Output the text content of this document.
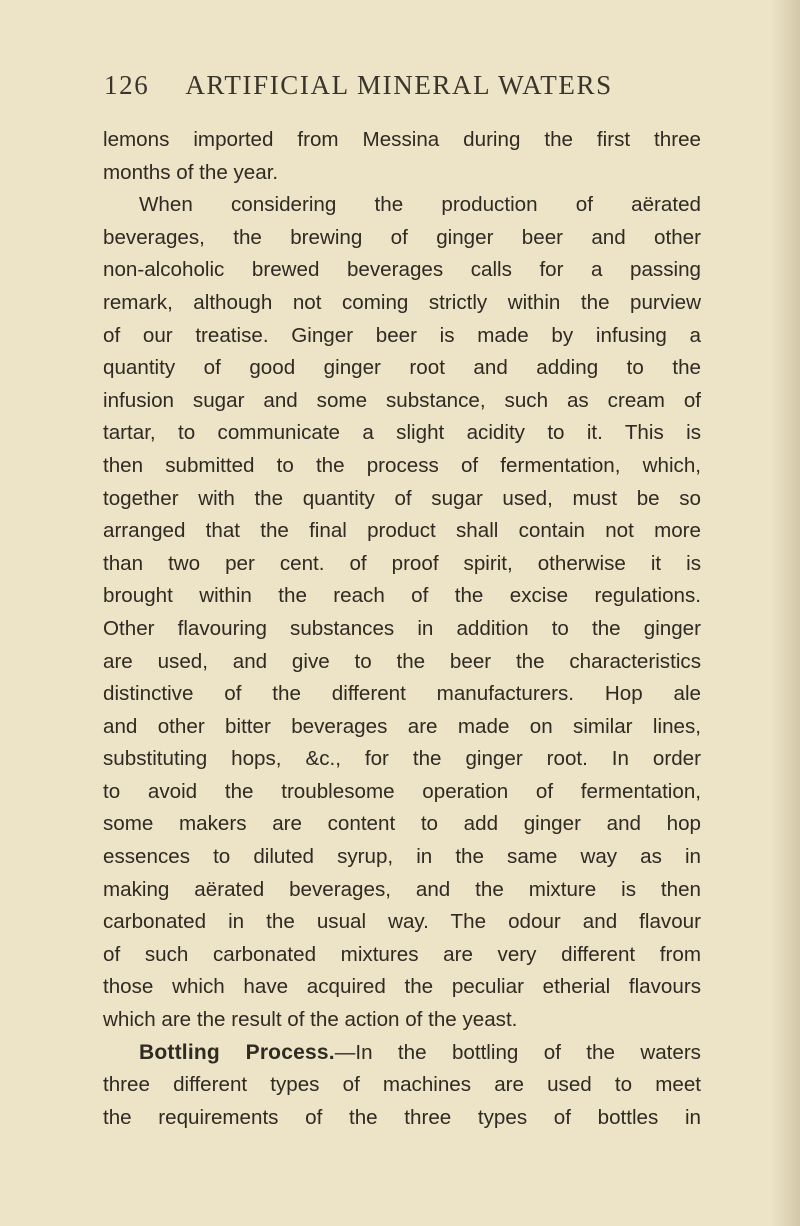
126 ARTIFICIAL MINERAL WATERS
lemons imported from Messina during the first three
months of the year.
When considering the production of aërated
beverages, the brewing of ginger beer and other
non-alcoholic brewed beverages calls for a passing
remark, although not coming strictly within the purview
of our treatise. Ginger beer is made by infusing a
quantity of good ginger root and adding to the
infusion sugar and some substance, such as cream of
tartar, to communicate a slight acidity to it. This is
then submitted to the process of fermentation, which,
together with the quantity of sugar used, must be so
arranged that the final product shall contain not more
than two per cent. of proof spirit, otherwise it is
brought within the reach of the excise regulations.
Other flavouring substances in addition to the ginger
are used, and give to the beer the characteristics
distinctive of the different manufacturers. Hop ale
and other bitter beverages are made on similar lines,
substituting hops, &c., for the ginger root. In order
to avoid the troublesome operation of fermentation,
some makers are content to add ginger and hop
essences to diluted syrup, in the same way as in
making aërated beverages, and the mixture is then
carbonated in the usual way. The odour and flavour
of such carbonated mixtures are very different from
those which have acquired the peculiar etherial flavours
which are the result of the action of the yeast.
Bottling Process.—In the bottling of the waters
three different types of machines are used to meet
the requirements of the three types of bottles in
